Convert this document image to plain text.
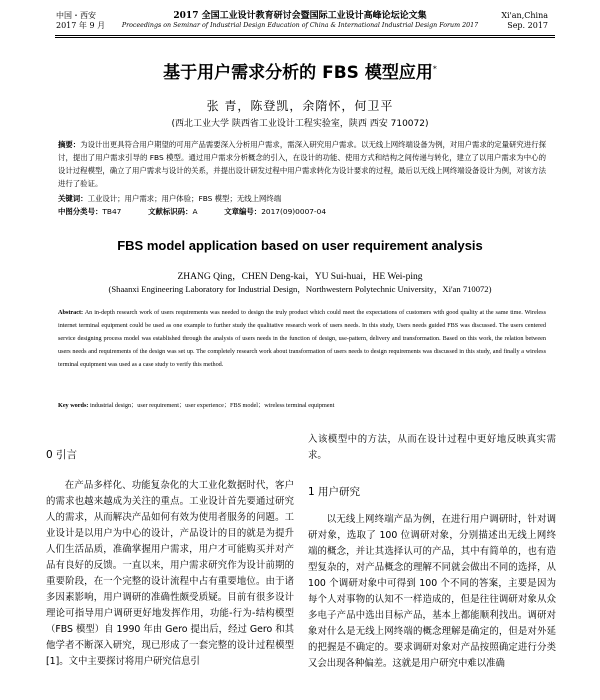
中国・西安
2017 年 9 月
2017 全国工业设计教育研讨会暨国际工业设计高峰论坛论文集
Proceedings on Seminar of Industrial Design Education of China & International Industrial Design Forum 2017
Xi'an,China
Sep. 2017
基于用户需求分析的 FBS 模型应用*
张 青，陈登凯，余隋怀，何卫平
(西北工业大学 陕西省工业设计工程实验室，陕西 西安 710072)
摘要：为设计出更具符合用户期望的可用产品需要深入分析用户需求，需深入研究用户需求。以无线上网终端设备为例，对用户需求的定量研究进行探讨，提出了用户需求引导的 FBS 模型。通过用户需求分析概念的引入，在设计的功能、使用方式和结构之间传递与转化，建立了以用户需求为中心的设计过程模型，确立了用户需求与设计的关系，并提出设计研发过程中用户需求转化为设计要求的过程，最后以无线上网终端设备设计为例，对该方法进行了验证。
关键词：工业设计；用户需求；用户体验；FBS 模型；无线上网终端
中图分类号：TB47	文献标识码：A	文章编号：2017(09)0007-04
FBS model application based on user requirement analysis
ZHANG Qing，CHEN Deng-kai，YU Sui-huai，HE Wei-ping
(Shaanxi Engineering Laboratory for Industrial Design，Northwestern Polytechnic University，Xi'an 710072)
Abstract: An in-depth research work of users requirements was needed to design the truly product which could meet the expectations of customers with good quality at the same time. Wireless internet terminal equipment could be used as one example to further study the qualitative research work of users needs. In this study, Users needs guided FBS was discussed. The users centered service designing process model was established through the analysis of users needs in the function of design, use-pattern, delivery and transformation. Based on this work, the relation between users needs and requirements of the design was set up. The completely research work about transformation of users needs to design requirements was discussed in this study, and finally a wireless terminal equipment was used as a case study to verify this method.
Key words: industrial design；user requirement；user experience；FBS model；wireless terminal equipment
0 引言
在产品多样化、功能复杂化的大工业化数据时代，客户的需求也越来越成为关注的重点。工业设计首先要通过研究人的需求，从而解决产品如何有效为使用者服务的问题。工业设计是以用户为中心的设计，产品设计的目的就是为提升人们生活品质，准确掌握用户需求，用户才可能购买并对产品有良好的反馈。一直以来，用户需求研究作为设计前期的重要阶段，在一个完整的设计流程中占有重要地位。由于诸多因素影响，用户调研的准确性颇受质疑。目前有很多设计理论可指导用户调研更好地发挥作用，功能-行为-结构模型（FBS 模型）自 1990 年由 Gero 提出后，经过 Gero 和其他学者不断深入研究，现已形成了一套完整的设计过程模型[1]。文中主要探讨将用户研究信息引
入该模型中的方法，从而在设计过程中更好地反映真实需求。
1 用户研究
以无线上网终端产品为例，在进行用户调研时，针对调研对象，选取了 100 位调研对象，分别描述出无线上网终端的概念，并让其选择认可的产品，其中有简单的，也有造型复杂的，对产品概念的理解不同就会做出不同的选择，从 100 个调研对象中可得到 100 个不同的答案，主要是因为每个人对事物的认知不一样造成的，但是往往调研对象从众多电子产品中选出目标产品，基本上都能顺利找出。调研对象对什么是无线上网终端的概念理解是确定的，但是对外延的把握是不确定的。要求调研对象对产品按照确定进行分类又会出现各种偏差。这就是用户研究中难以准确
